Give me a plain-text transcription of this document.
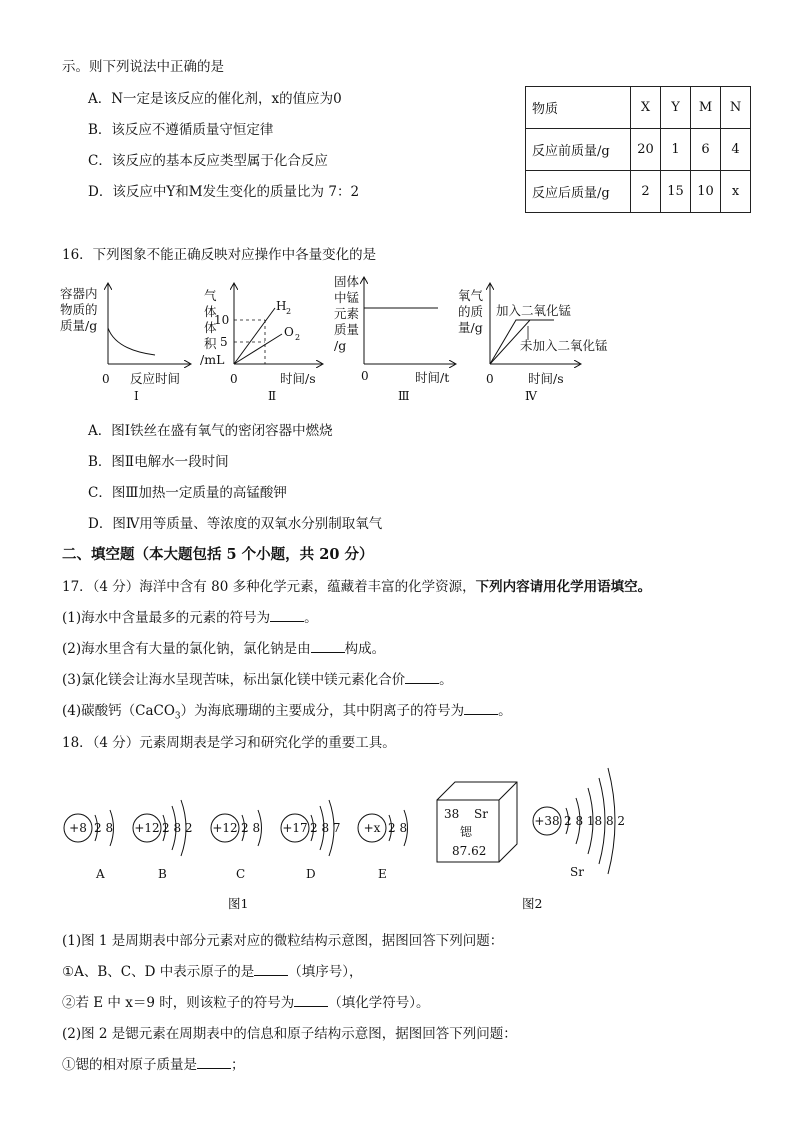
示。则下列说法中正确的是
A．N一定是该反应的催化剂，x的值应为0
B．该反应不遵循质量守恒定律
C．该反应的基本反应类型属于化合反应
D．该反应中Y和M发生变化的质量比为 7：2
物质	X	Y	M	N
反应前质量/g	20	1	6	4
反应后质量/g	2	15	10	x
16．下列图象不能正确反映对应操作中各量变化的是
容器内
物质的
质量/g
0 反应时间
Ⅰ
气
体
体
积
/mL
10
5
H 2
O 2
0	时间/s
Ⅱ
固体
中锰
元素
质量
/g
0	时间/t
Ⅲ
氧气
的质
量/g
加入二氧化锰
未加入二氧化锰
0	时间/s
Ⅳ
A．图Ⅰ铁丝在盛有氧气的密闭容器中燃烧
B．图Ⅱ电解水一段时间
C．图Ⅲ加热一定质量的高锰酸钾
D．图Ⅳ用等质量、等浓度的双氧水分别制取氧气
二、填空题（本大题包括 5 个小题，共 20 分）
17．（4 分）海洋中含有 80 多种化学元素，蕴藏着丰富的化学资源，下列内容请用化学用语填空。
(1)海水中含量最多的元素的符号为	。
(2)海水里含有大量的氯化钠，氯化钠是由	构成。
(3)氯化镁会让海水呈现苦味，标出氯化镁中镁元素化合价	。
(4)碳酸钙（CaCO$_3$）为海底珊瑚的主要成分，其中阴离子的符号为	。
18．（4 分）元素周期表是学习和研究化学的重要工具。
+8 2 8
A
+12 2 8 2
B
+12 2 8
C
+17 2 8 7
D
+x 2 8
E
38 Sr
锶
87.62
+38 2 8 18 8 2
Sr
图1	图2
(1)图 1 是周期表中部分元素对应的微粒结构示意图，据图回答下列问题：
①A、B、C、D 中表示原子的是	（填序号），
②若 E 中 x＝9 时，则该粒子的符号为	（填化学符号）。
(2)图 2 是锶元素在周期表中的信息和原子结构示意图，据图回答下列问题：
①锶的相对原子质量是	；
